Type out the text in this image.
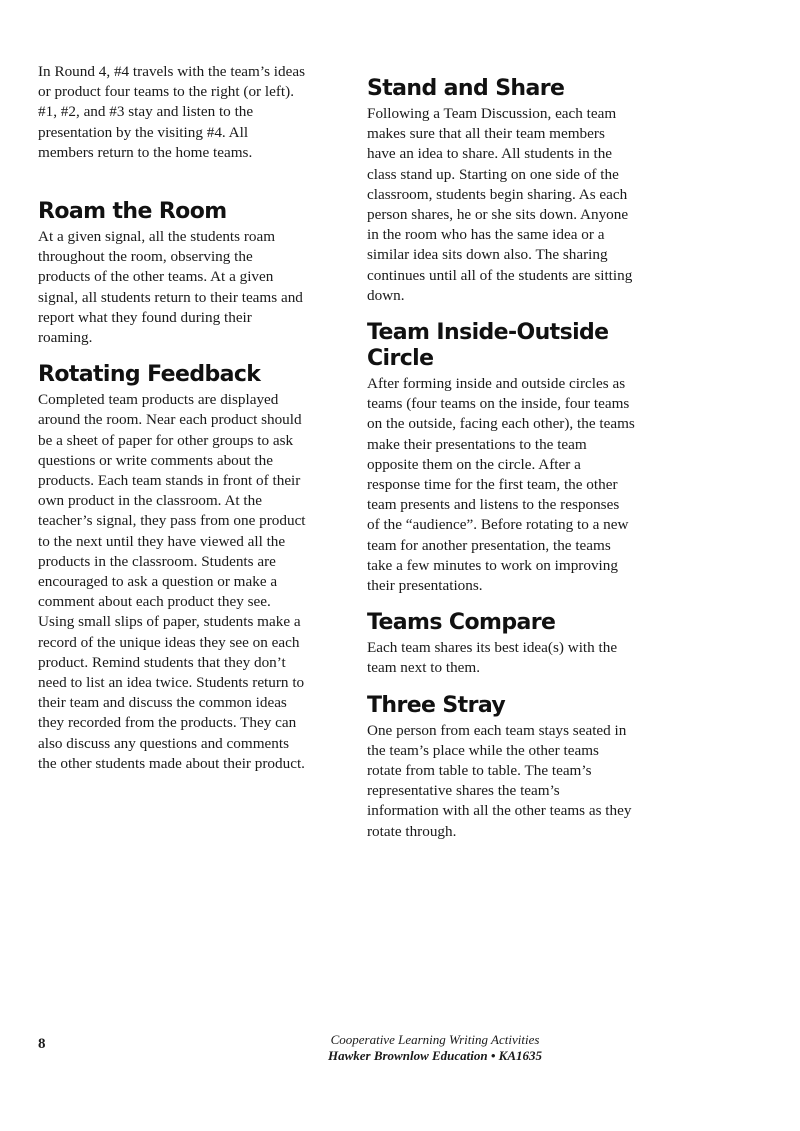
In Round 4, #4 travels with the team’s ideas or product four teams to the right (or left). #1, #2, and #3 stay and listen to the presentation by the visiting #4. All members return to the home teams.

Roam the Room

At a given signal, all the students roam throughout the room, observing the products of the other teams. At a given signal, all students return to their teams and report what they found during their roaming.

Rotating Feedback

Completed team products are displayed around the room. Near each product should be a sheet of paper for other groups to ask questions or write comments about the products. Each team stands in front of their own product in the classroom. At the teacher’s signal, they pass from one product to the next until they have viewed all the products in the classroom. Students are encouraged to ask a question or make a comment about each product they see. Using small slips of paper, students make a record of the unique ideas they see on each product. Remind students that they don’t need to list an idea twice. Students return to their team and discuss the common ideas they recorded from the products. They can also discuss any questions and comments the other students made about their product.

Stand and Share

Following a Team Discussion, each team makes sure that all their team members have an idea to share. All students in the class stand up. Starting on one side of the classroom, students begin sharing. As each person shares, he or she sits down. Anyone in the room who has the same idea or a similar idea sits down also. The sharing continues until all of the students are sitting down.

Team Inside-Outside Circle

After forming inside and outside circles as teams (four teams on the inside, four teams on the outside, facing each other), the teams make their presentations to the team opposite them on the circle. After a response time for the first team, the other team presents and listens to the responses of the “audience”. Before rotating to a new team for another presentation, the teams take a few minutes to work on improving their presentations.

Teams Compare

Each team shares its best idea(s) with the team next to them.

Three Stray

One person from each team stays seated in the team’s place while the other teams rotate from table to table. The team’s representative shares the team’s information with all the other teams as they rotate through.

8	Cooperative Learning Writing Activities
Hawker Brownlow Education • KA1635
